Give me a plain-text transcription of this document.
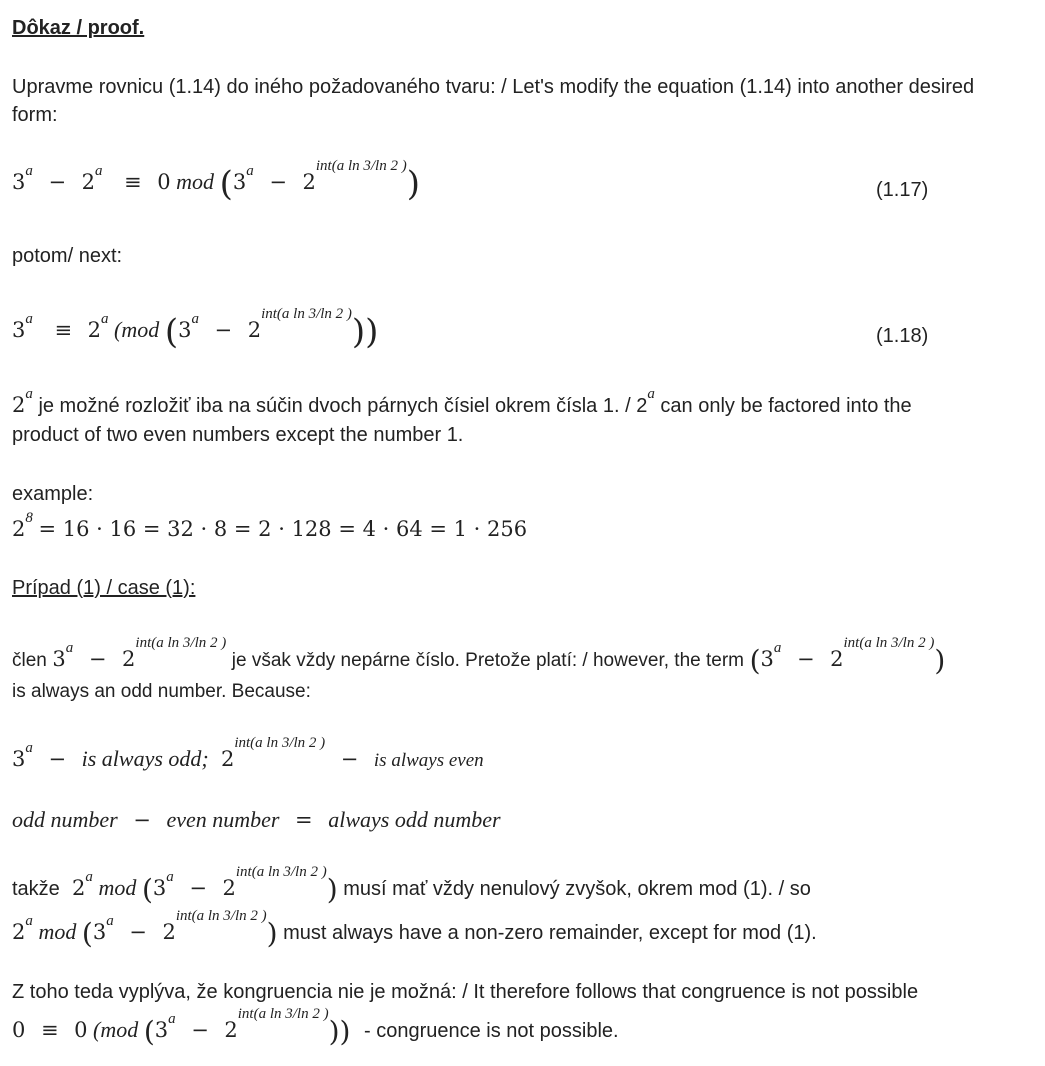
Dôkaz / proof.
Upravme rovnicu (1.14) do iného požadovaného tvaru: / Let's modify the equation (1.14) into another desired form:
$3^a - 2^a \equiv 0$ mod $(3^a - 2^{int(a ln 3/ln 2 )})$	(1.17)
potom/ next:
$3^a \equiv 2^a$ (mod $(3^a - 2^{int(a ln 3/ln 2 )})$)	(1.18)
2$^a$ je možné rozložiť iba na súčin dvoch párnych čísiel okrem čísla 1. / 2$^a$ can only be factored into the
product of two even numbers except the number 1.
example:
$2^8 = 16 \cdot 16 = 32 \cdot 8 = 2 \cdot 128 = 4 \cdot 64 = 1 \cdot 256$
Prípad (1) / case (1):
člen $3^a - 2^{int(a ln 3/ln 2 )}$ je však vždy nepárne číslo. Pretože platí: / however, the term $(3^a - 2^{int(a ln 3/ln 2 )})$
is always an odd number. Because:
$3^a$ − is always odd;  $2^{int(a ln 3/ln 2 )}$ − is always even
odd number − even number = always odd number
takže  2$^a$ mod $(3^a - 2^{int(a ln 3/ln 2 )})$ musí mať vždy nenulový zvyšok, okrem mod (1). / so
2$^a$ mod $(3^a - 2^{int(a ln 3/ln 2 )})$ must always have a non-zero remainder, except for mod (1).
Z toho teda vyplýva, že kongruencia nie je možná: / It therefore follows that congruence is not possible
0 ≡ 0 (mod $(3^a - 2^{int(a ln 3/ln 2 )})$) - congruence is not possible.
